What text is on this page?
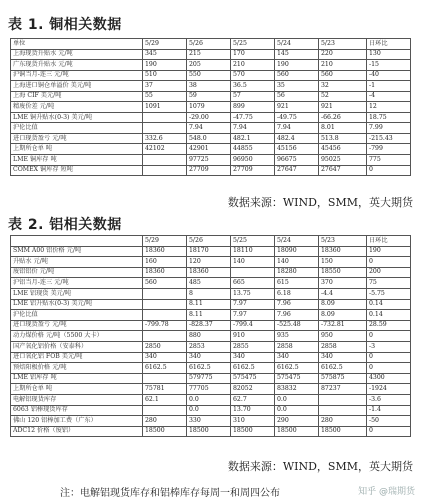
表 1. 铜相关数据
单位	5/29	5/26	5/25	5/24	5/23	日环比
上海现货升贴水 元/吨	345	215	170	145	220	130
广东现货升贴水 元/吨	190	205	210	190	210	-15
沪铜当月-连三 元/吨	510	550	570	560	560	-40
上海进口铜仓单溢价 美元/吨	37	38	36.5	35	32	-1
上海 CIF 美元/吨	55	59	57	56	52	-4
精废价差 元/吨	1091	1079	899	921	921	12
LME 铜升贴水(0-3) 美元/吨		-29.00	-47.75	-49.75	-66.26	18.75
沪伦比值		7.94	7.94	7.94	8.01	7.99
进口现货盈亏 元/吨	332.6	548.0	482.1	482.4	513.8	-215.43
上期所仓单 吨	42102	42901	44855	45156	45456	-799
LME 铜库存 吨		97725	96950	96675	95025	775
COMEX 铜库存 短吨		27709	27709	27647	27647	0
数据来源：WIND，SMM，英大期货
表 2. 铝相关数据
	5/29	5/26	5/25	5/24	5/23	日环比
SMM A00 铝价格 元/吨	18360	18170	18110	18090	18360	190
升贴水 元/吨	160	120	140	140	150	0
废铝铝价 元/吨	18360	18360		18280	18550	200
沪铝当月-连三 元/吨	560	485	665	615	370	75
LME 铝现货 美元/吨		8	13.75	6.18	-4.4	-5.75
LME 铝升贴水(0-3) 美元/吨		8.11	7.97	7.96	8.09	0.14
沪伦比值		8.11	7.97	7.96	8.09	0.14
进口现货盈亏 元/吨	-799.78	-828.37	-799.4	-525.48	-732.81	28.59
动力煤价格 元/吨（5500 大卡）		880	910	935	950	0
国产氧化铝价格（安泰科）	2850	2853	2855	2858	2858	-3
进口氧化铝 FOB 美元/吨	340	340	340	340	340	0
预焙阳极价格 元/吨	6162.5	6162.5	6162.5	6162.5	6162.5	0
LME 铝库存 吨		579775	575475	575475	575875	4300
上期所仓单 吨	75781	77705	82052	83832	87237	-1924
电解铝现货库存	62.1	0.0	62.7	0.0		-3.6
6063 铝棒现货库存		0.0	13.70	0.0		-1.4
佛山 120 铝棒加工费（广东）	280	330	310	290	280	-50
ADC12 价格（废铝）	18500	18500	18500	18500	18500	0
数据来源：WIND，SMM，英大期货
注：电解铝现货库存和铝棒库存每周一和周四公布	知乎 @瑞期货
